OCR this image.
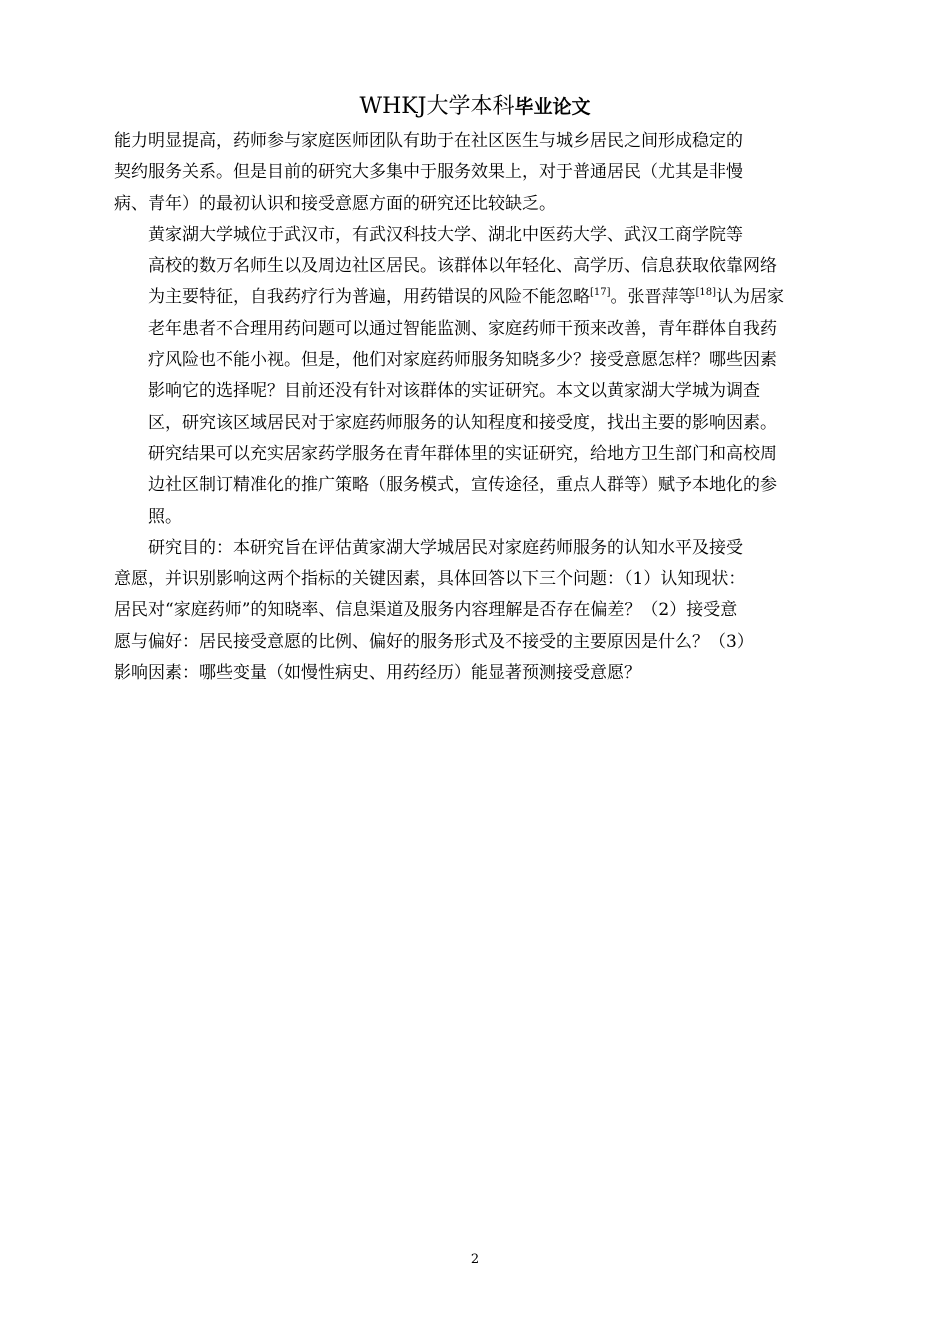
WHKJ大学本科毕业论文

能力明显提高，药师参与家庭医师团队有助于在社区医生与城乡居民之间形成稳定的
契约服务关系。但是目前的研究大多集中于服务效果上，对于普通居民（尤其是非慢
病、青年）的最初认识和接受意愿方面的研究还比较缺乏。

黄家湖大学城位于武汉市，有武汉科技大学、湖北中医药大学、武汉工商学院等
高校的数万名师生以及周边社区居民。该群体以年轻化、高学历、信息获取依靠网络
为主要特征，自我药疗行为普遍，用药错误的风险不能忽略[17]。张晋萍等[18]认为居家
老年患者不合理用药问题可以通过智能监测、家庭药师干预来改善，青年群体自我药
疗风险也不能小视。但是，他们对家庭药师服务知晓多少？接受意愿怎样？哪些因素
影响它的选择呢？目前还没有针对该群体的实证研究。本文以黄家湖大学城为调查
区，研究该区域居民对于家庭药师服务的认知程度和接受度，找出主要的影响因素。
研究结果可以充实居家药学服务在青年群体里的实证研究，给地方卫生部门和高校周
边社区制订精准化的推广策略（服务模式，宣传途径，重点人群等）赋予本地化的参
照。

研究目的：本研究旨在评估黄家湖大学城居民对家庭药师服务的认知水平及接受
意愿，并识别影响这两个指标的关键因素，具体回答以下三个问题：（1）认知现状：
居民对“家庭药师”的知晓率、信息渠道及服务内容理解是否存在偏差？（2）接受意
愿与偏好：居民接受意愿的比例、偏好的服务形式及不接受的主要原因是什么？（3）
影响因素：哪些变量（如慢性病史、用药经历）能显著预测接受意愿？

2
